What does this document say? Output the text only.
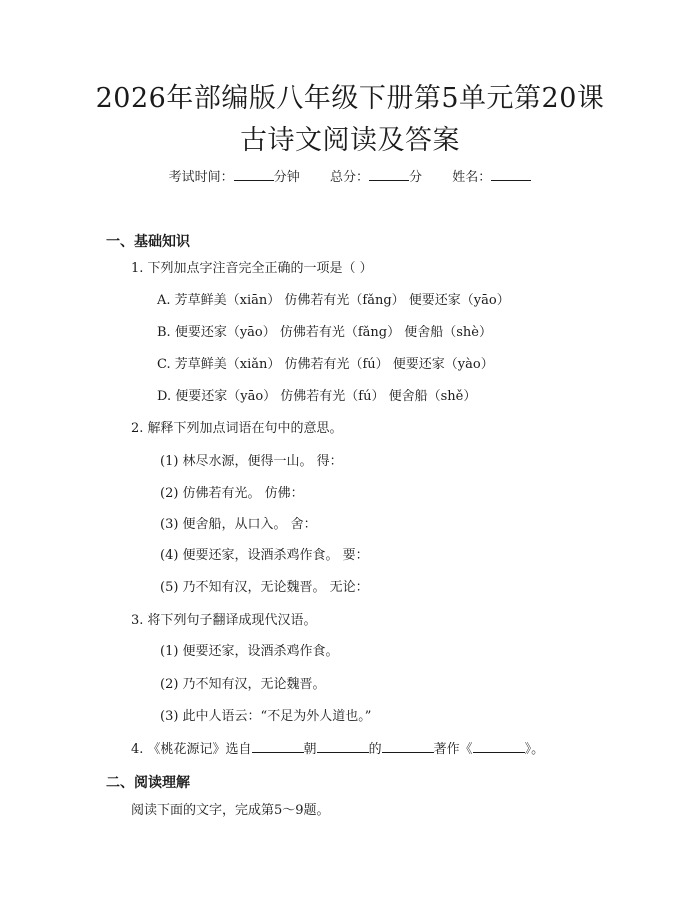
2026年部编版八年级下册第5单元第20课
古诗文阅读及答案
考试时间：	分钟 总分：	分 姓名：
一、基础知识
1. 下列加点字注音完全正确的一项是（ ）
A. 芳草鲜美（xiān） 仿佛若有光（fǎng） 便要还家（yāo）
B. 便要还家（yāo） 仿佛若有光（fǎng） 便舍船（shè）
C. 芳草鲜美（xiǎn） 仿佛若有光（fú） 便要还家（yào）
D. 便要还家（yāo） 仿佛若有光（fú） 便舍船（shě）
2. 解释下列加点词语在句中的意思。
(1) 林尽水源，便得一山。 得：
(2) 仿佛若有光。 仿佛：
(3) 便舍船，从口入。 舍：
(4) 便要还家，设酒杀鸡作食。 要：
(5) 乃不知有汉，无论魏晋。 无论：
3. 将下列句子翻译成现代汉语。
(1) 便要还家，设酒杀鸡作食。
(2) 乃不知有汉，无论魏晋。
(3) 此中人语云：“不足为外人道也。”
4. 《桃花源记》选自	朝	的	著作《	》。
二、阅读理解
阅读下面的文字，完成第5～9题。
